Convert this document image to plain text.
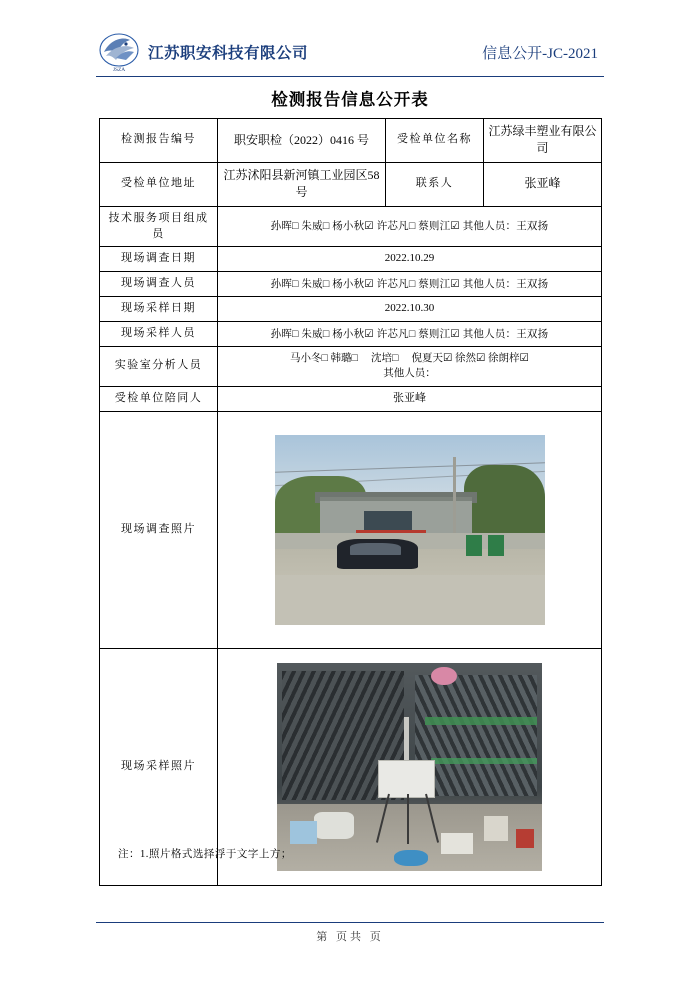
JSZA
江苏职安科技有限公司	信息公开-JC-2021
检测报告信息公开表
检测报告编号	职安职检（2022）0416 号	受检单位名称	江苏绿丰塑业有限公司
受检单位地址	江苏沭阳县新河镇工业园区58 号	联系人	张亚峰
技术服务项目组成员	孙晖□ 朱威□ 杨小秋☑ 许芯凡□ 蔡则江☑ 其他人员：王双扬		
现场调查日期	2022.10.29		
现场调查人员	孙晖□ 朱威□ 杨小秋☑ 许芯凡□ 蔡则江☑ 其他人员：王双扬		
现场采样日期	2022.10.30		
现场采样人员	孙晖□ 朱威□ 杨小秋☑ 许芯凡□ 蔡则江☑ 其他人员：王双扬		
实验室分析人员	马小冬□ 韩璐□ 　沈培□ 　倪夏天☑ 徐然☑ 徐朗梓☑
其他人员：		

受检单位陪同人	张亚峰		
现场调查照片			

现场采样照片			
注：1.照片格式选择浮于文字上方；
第 页共 页
